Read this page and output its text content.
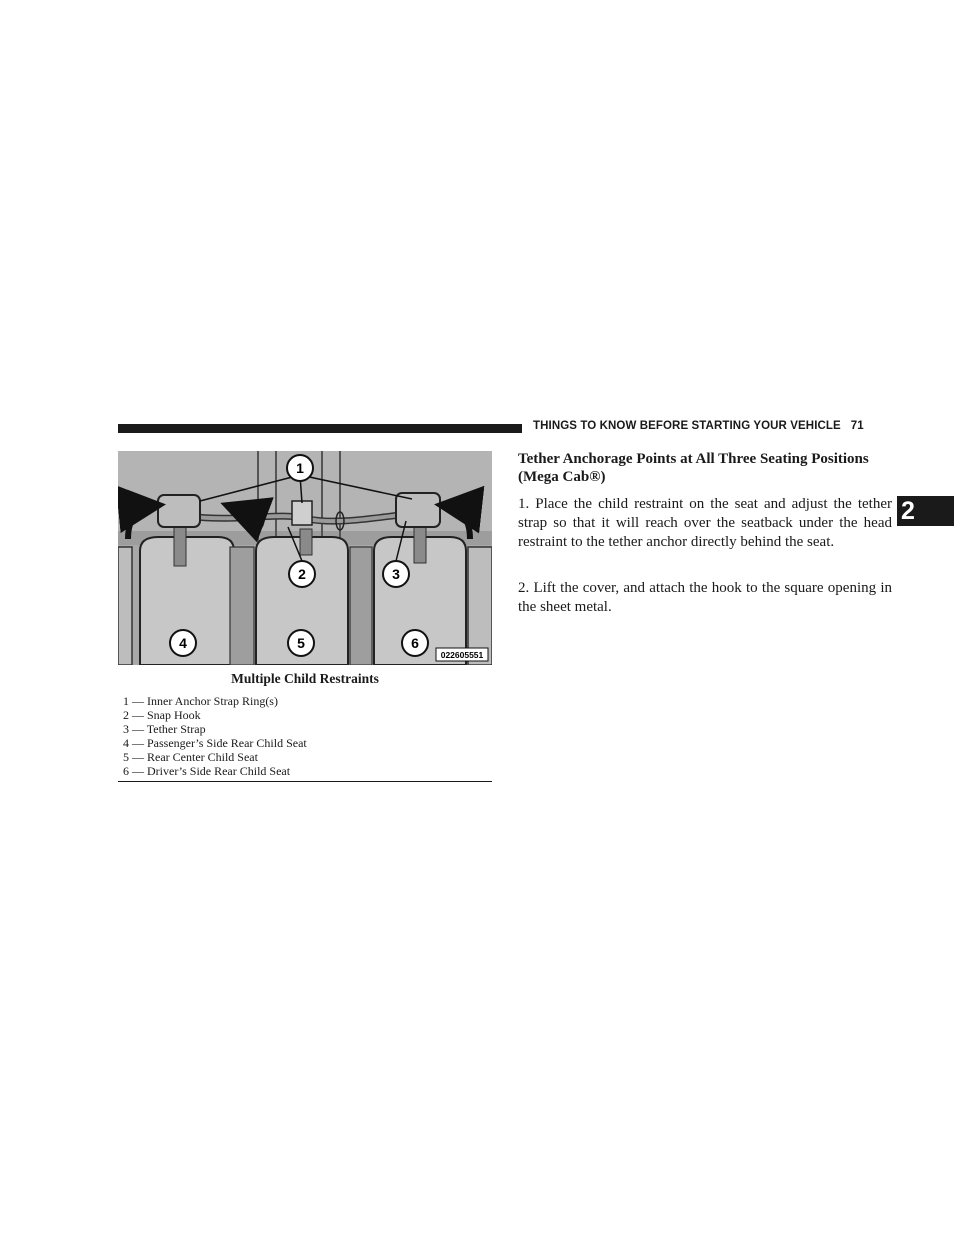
THINGS TO KNOW BEFORE STARTING YOUR VEHICLE 71
2
1
2	3
4	5	6
022605551
Multiple Child Restraints
1 — Inner Anchor Strap Ring(s)
2 — Snap Hook
3 — Tether Strap
4 — Passenger’s Side Rear Child Seat
5 — Rear Center Child Seat
6 — Driver’s Side Rear Child Seat
Tether Anchorage Points at All Three Seating Positions (Mega Cab®)

1. Place the child restraint on the seat and adjust the tether strap so that it will reach over the seatback under the head restraint to the tether anchor directly behind the seat.

2. Lift the cover, and attach the hook to the square opening in the sheet metal.
